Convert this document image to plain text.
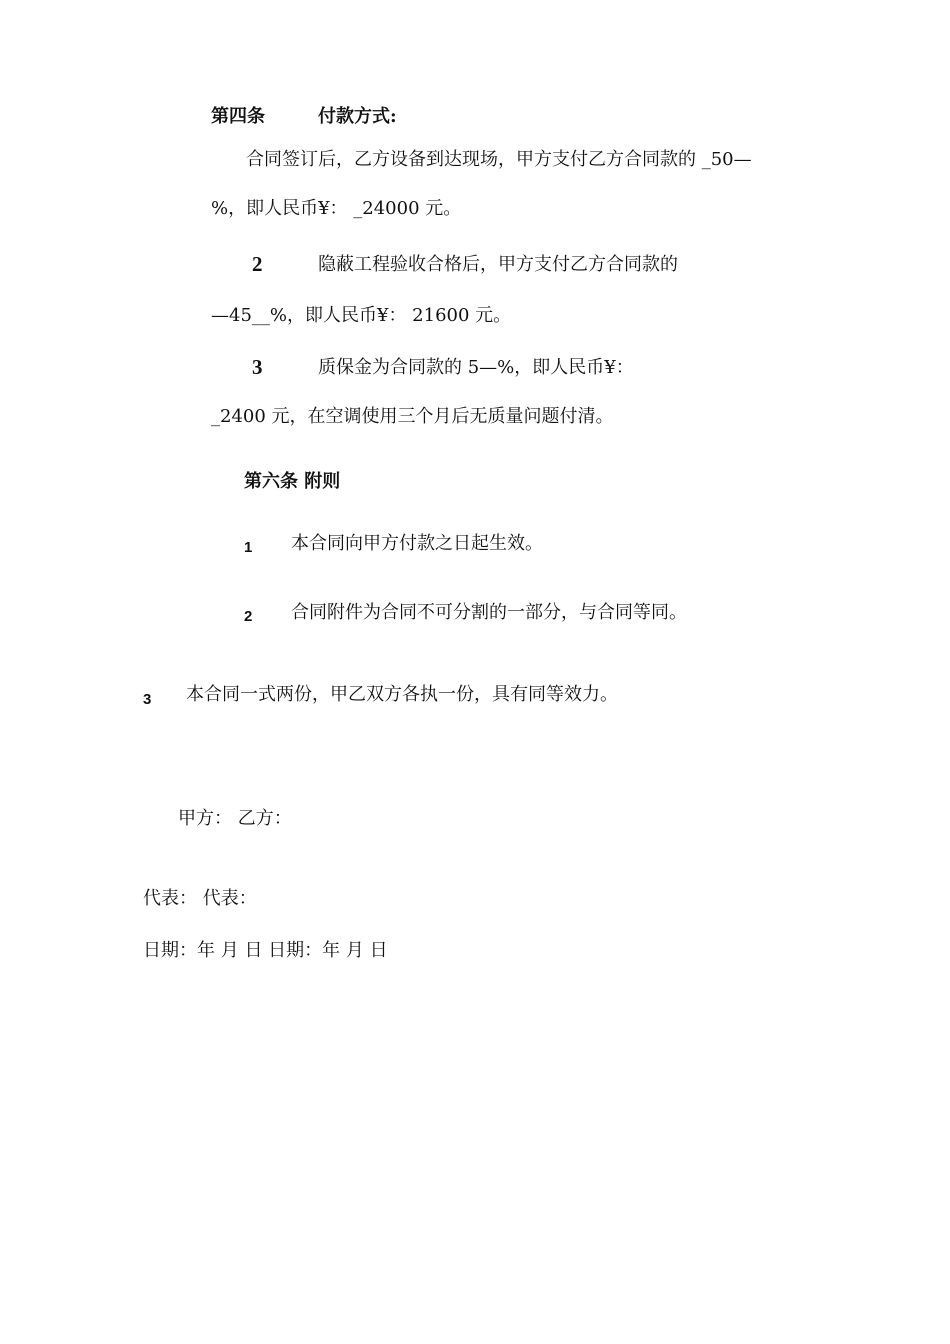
第四条	付款方式:
合同签订后，乙方设备到达现场，甲方支付乙方合同款的 _50—
%，即人民币¥： _24000 元。
2	隐蔽工程验收合格后，甲方支付乙方合同款的
—45__%，即人民币¥： 21600 元。
3	质保金为合同款的 5—%，即人民币¥：
_2400 元，在空调使用三个月后无质量问题付清。
第六条 附则
1 本合同向甲方付款之日起生效。
2 合同附件为合同不可分割的一部分，与合同等同。
3 本合同一式两份，甲乙双方各执一份，具有同等效力。
甲方： 乙方：
代表： 代表：
日期：年 月 日 日期：年 月 日
